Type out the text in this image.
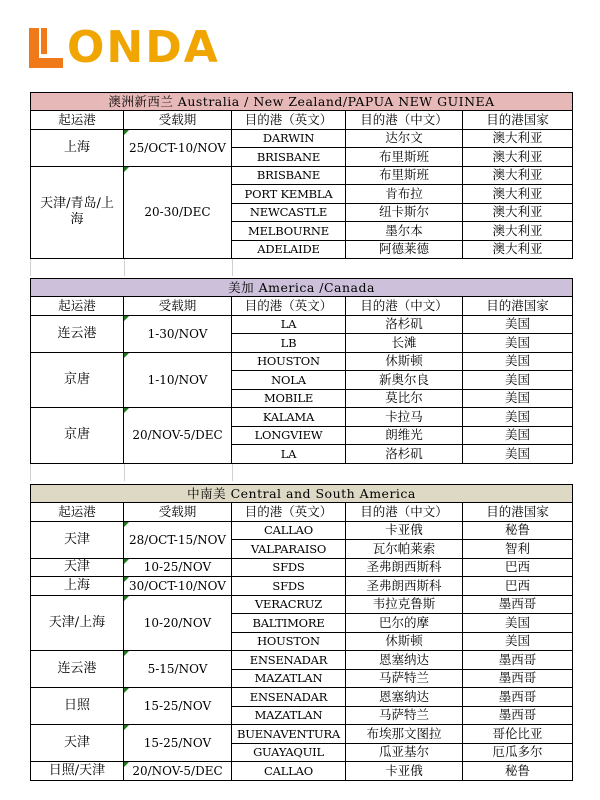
ONDA
澳洲新西兰 Australia / New Zealand/PAPUA NEW GUINEA				
起运港	受载期	目的港（英文）	目的港（中文）	目的港国家
上海	25/OCT-10/NOV	DARWIN	达尔文	澳大利亚
		BRISBANE	布里斯班	澳大利亚
天津/青岛/上海	20-30/DEC	BRISBANE	布里斯班	澳大利亚
		PORT KEMBLA	肯布拉	澳大利亚
		NEWCASTLE	纽卡斯尔	澳大利亚
		MELBOURNE	墨尔本	澳大利亚
		ADELAIDE	阿德莱德	澳大利亚
美加 America /Canada				
起运港	受载期	目的港（英文）	目的港（中文）	目的港国家
连云港	1-30/NOV	LA	洛杉矶	美国
		LB	长滩	美国
京唐	1-10/NOV	HOUSTON	休斯顿	美国
		NOLA	新奥尔良	美国
		MOBILE	莫比尔	美国
京唐	20/NOV-5/DEC	KALAMA	卡拉马	美国
		LONGVIEW	朗维光	美国
		LA	洛杉矶	美国
中南美 Central and South America				
起运港	受载期	目的港（英文）	目的港（中文）	目的港国家
天津	28/OCT-15/NOV	CALLAO	卡亚俄	秘鲁
		VALPARAISO	瓦尔帕莱索	智利
天津	10-25/NOV	SFDS	圣弗朗西斯科	巴西
上海	30/OCT-10/NOV	SFDS	圣弗朗西斯科	巴西
天津/上海	10-20/NOV	VERACRUZ	韦拉克鲁斯	墨西哥
		BALTIMORE	巴尔的摩	美国
		HOUSTON	休斯顿	美国
连云港	5-15/NOV	ENSENADAR	恩塞纳达	墨西哥
		MAZATLAN	马萨特兰	墨西哥
日照	15-25/NOV	ENSENADAR	恩塞纳达	墨西哥
		MAZATLAN	马萨特兰	墨西哥
天津	15-25/NOV	BUENAVENTURA	布埃那文图拉	哥伦比亚
		GUAYAQUIL	瓜亚基尔	厄瓜多尔
日照/天津	20/NOV-5/DEC	CALLAO	卡亚俄	秘鲁
